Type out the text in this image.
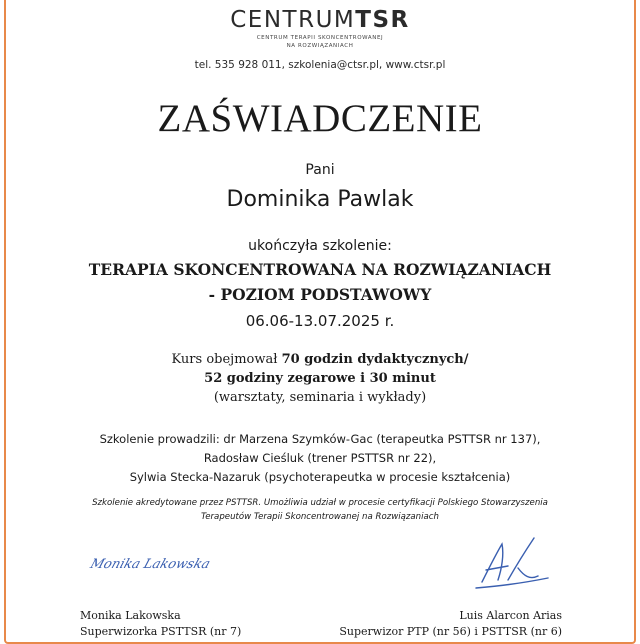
CENTRUMTSR
CENTRUM TERAPII SKONCENTROWANEJ
NA ROZWIĄZANIACH
tel. 535 928 011, szkolenia@ctsr.pl, www.ctsr.pl
ZAŚWIADCZENIE
Pani
Dominika Pawlak
ukończyła szkolenie:
TERAPIA SKONCENTROWANA NA ROZWIĄZANIACH
- POZIOM PODSTAWOWY
06.06-13.07.2025 r.
Kurs obejmował 70 godzin dydaktycznych/
52 godziny zegarowe i 30 minut
(warsztaty, seminaria i wykłady)
Szkolenie prowadzili: dr Marzena Szymków-Gac (terapeutka PSTTSR nr 137),
Radosław Cieśluk (trener PSTTSR nr 22),
Sylwia Stecka-Nazaruk (psychoterapeutka w procesie kształcenia)
Szkolenie akredytowane przez PSTTSR. Umożliwia udział w procesie certyfikacji Polskiego Stowarzyszenia
Terapeutów Terapii Skoncentrowanej na Rozwiązaniach
Monika Lakowska
Monika Lakowska
Superwizorka PSTTSR (nr 7)
Luis Alarcon Arias
Superwizor PTP (nr 56) i PSTTSR (nr 6)
